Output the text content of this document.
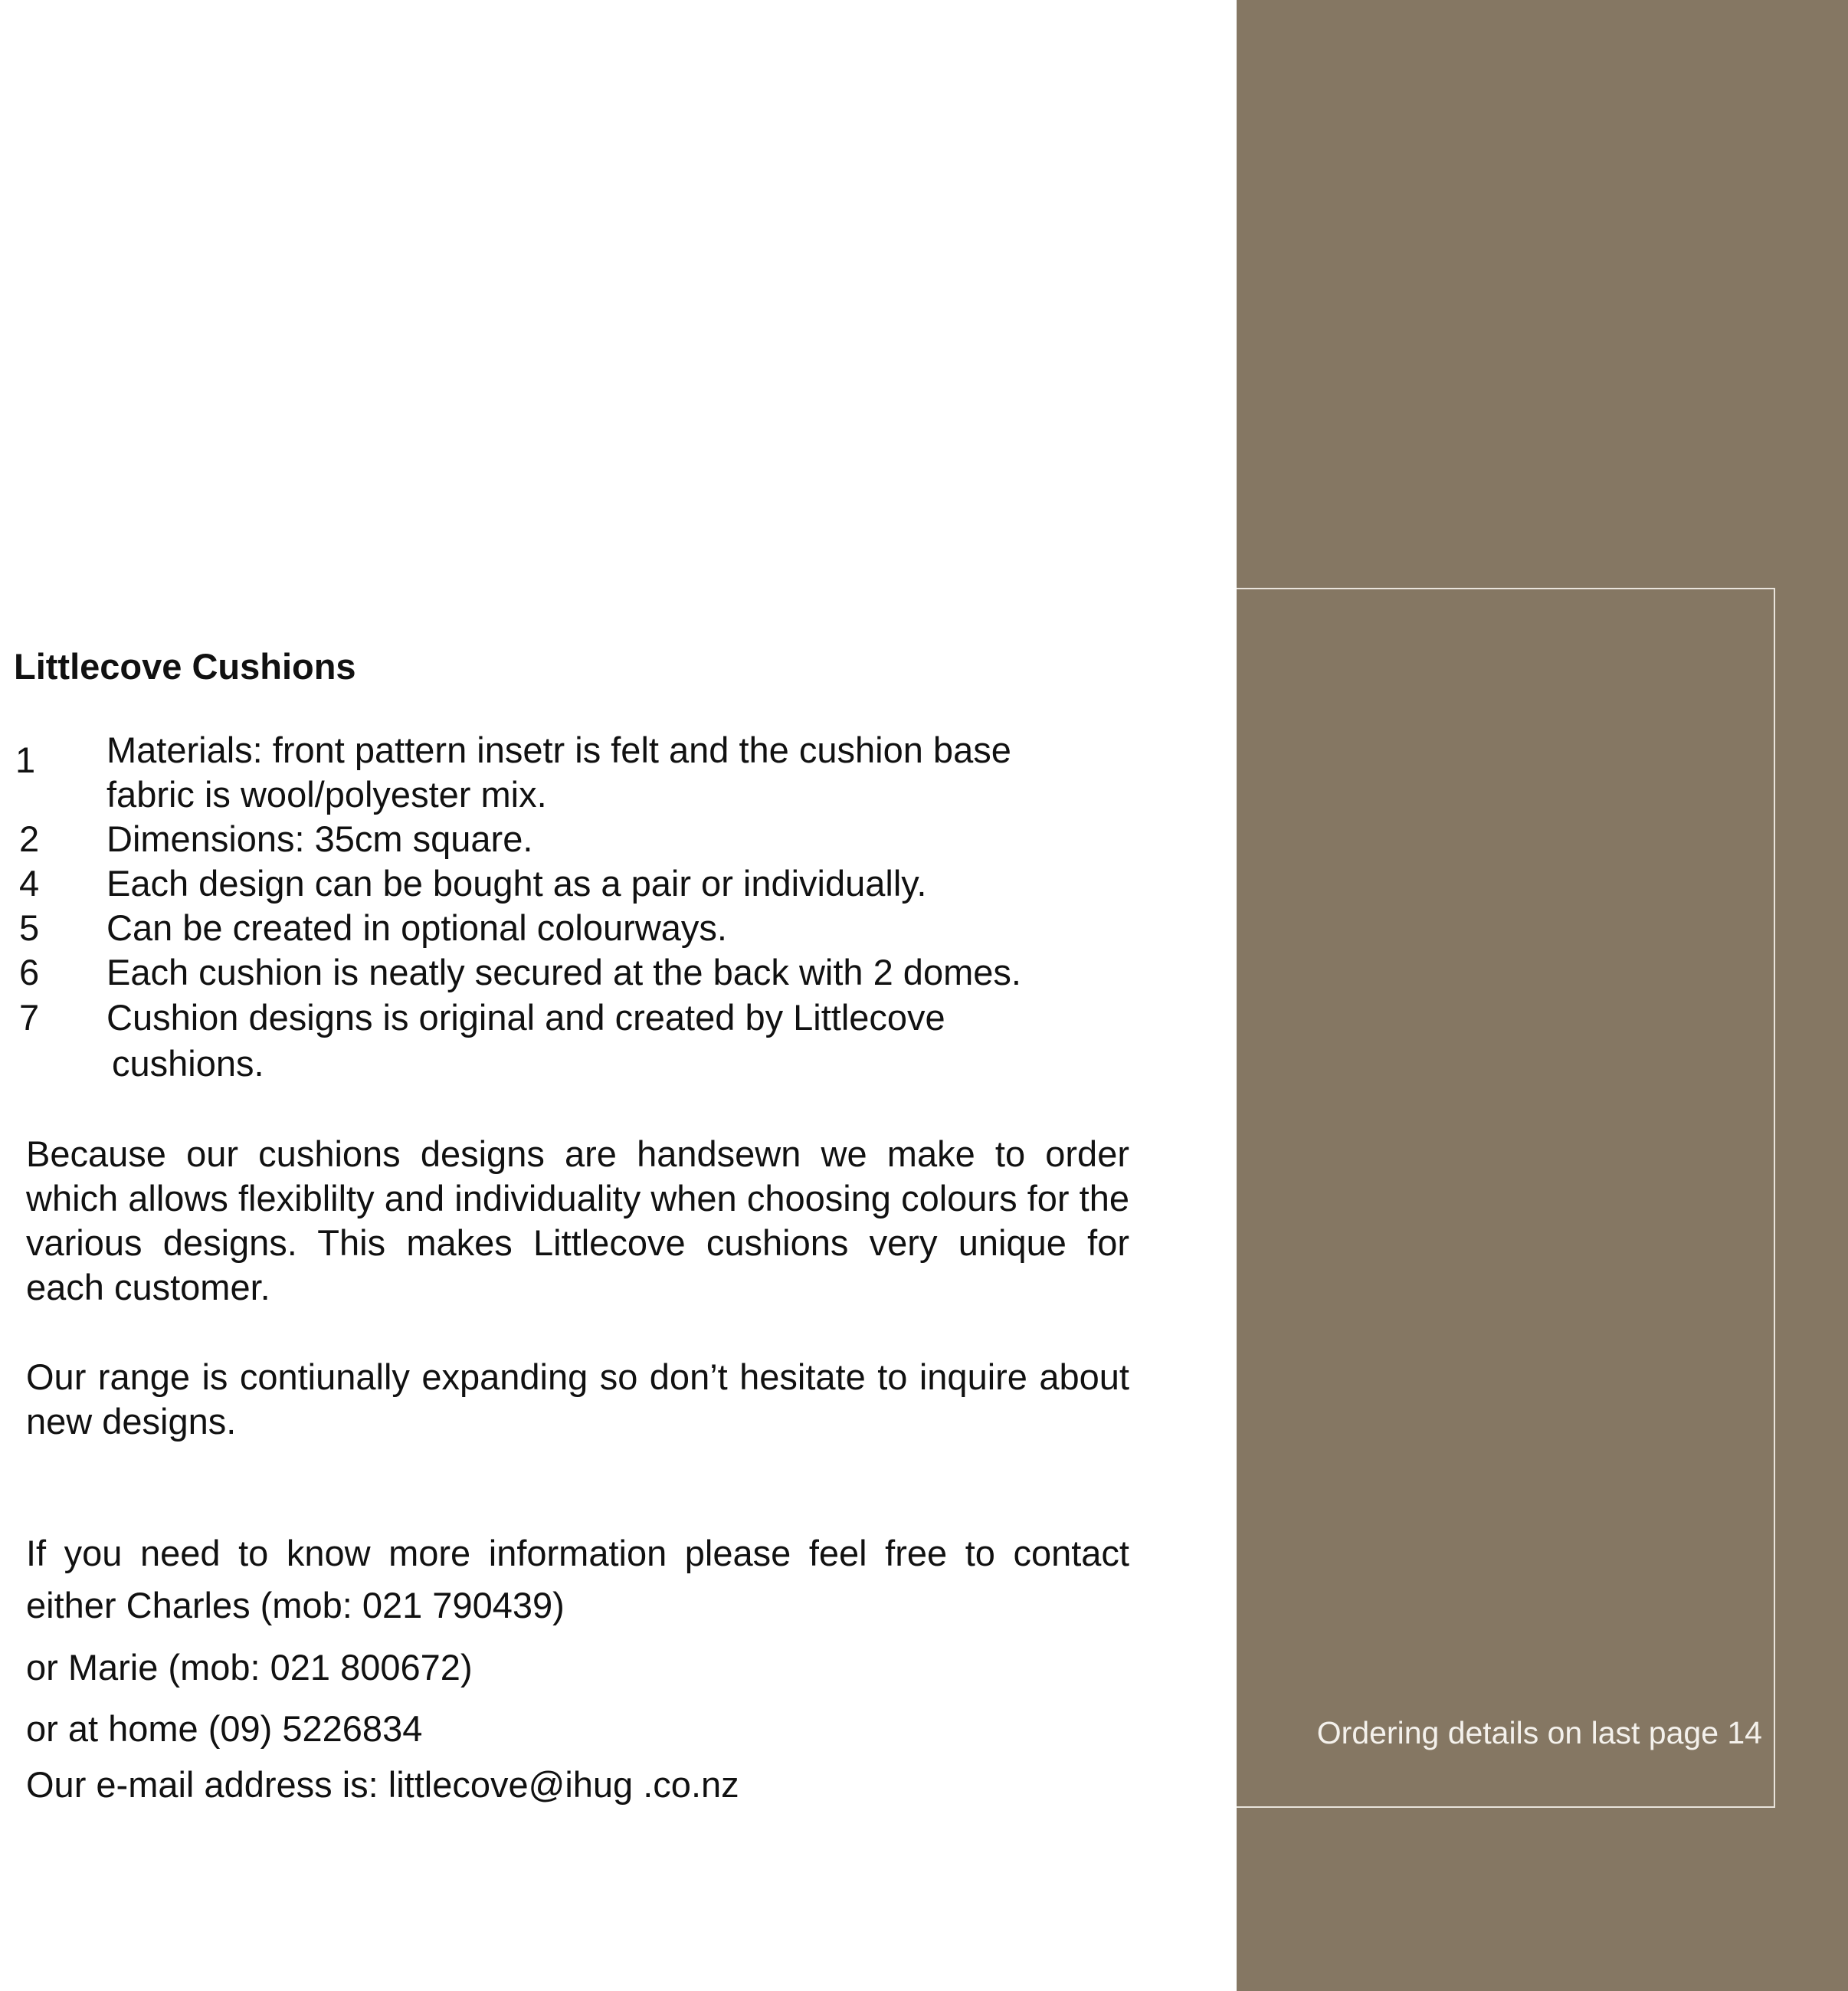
Ordering details on last page 14
Littlecove Cushions
1	Materials: front pattern insetr is felt and the cushion base
fabric is wool/polyester mix.
2	Dimensions: 35cm square.
4	Each design can be bought as a pair or individually.
5	Can be created in optional colourways.
6	Each cushion is neatly secured at the back with 2 domes.
7	Cushion designs is original and created by Littlecove
cushions.
Because our cushions designs are handsewn we make to order which allows flexiblilty and individuality when choosing colours for the various designs. This makes Littlecove cushions very unique for each customer.
Our range is contiunally expanding so don’t hesitate to inquire about new designs.
If you need to know more information please feel free to contact
either Charles (mob: 021 790439)
or Marie (mob: 021 800672)
or at home (09) 5226834
Our e-mail address is: littlecove@ihug .co.nz
